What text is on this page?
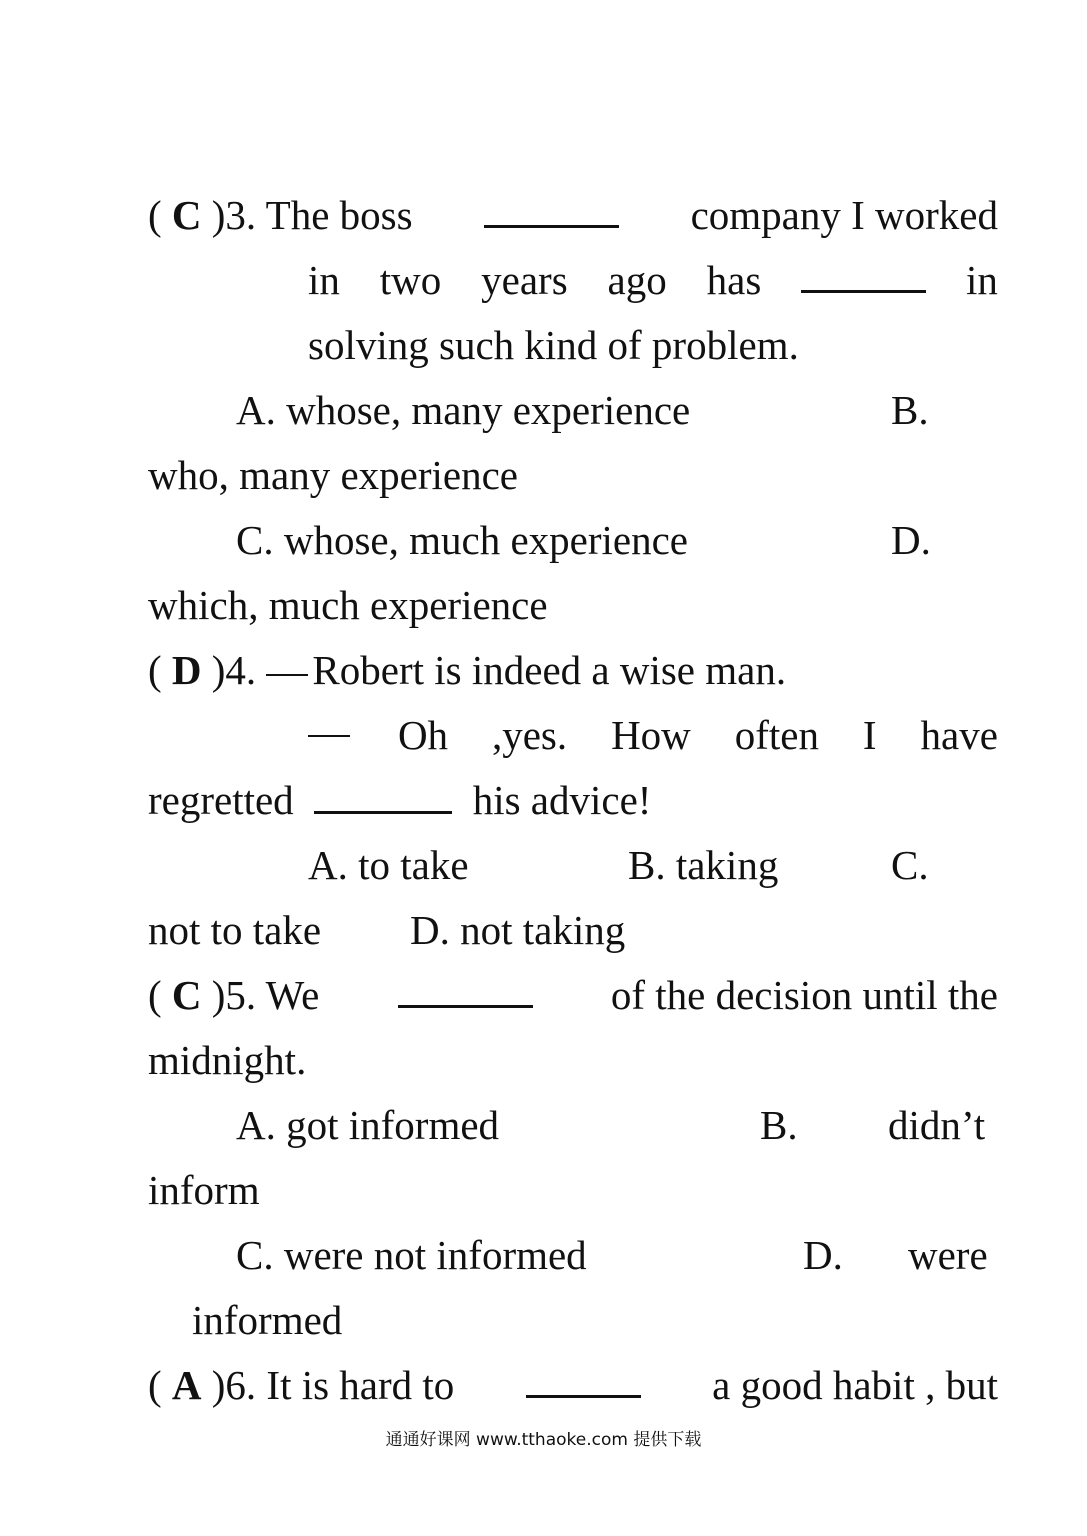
( C )3. The boss	company I worked
in two years ago has	in
solving such kind of problem.
A. whose, many experience	B.
who, many experience
C. whose, much experience	D.
which, much experience
( D )4. Robert is indeed a wise man.
Oh ,yes. How often I have
regretted	his advice!
A. to take	B. taking	C.
not to take D. not taking
( C )5. We	of the decision until the
midnight.
A. got informed	B. didn’t
inform
C. were not informed	D. were
informed
( A )6. It is hard to	a good habit , but
通通好课网 www.tthaoke.com 提供下载
